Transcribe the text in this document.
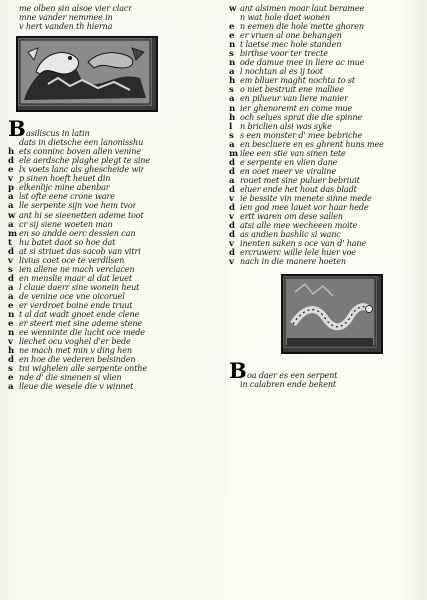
me olben sin alsoe vier clacr
mne vander nemmee in
v hert vanden th hierna
B asiliscus in latin
dats in dietsche een lanonisshu
h ets conninc boven allen venine
d ele aerdsche plaghe plegt te sine
e lx voets lanc als ghescheide wir
v p sinen hoeft heuet din
p elkenlijc mine abenbar
a lst ofte eene crone ware
a lle serpente sijn voe hem tvor
w ant hi se sieenetten ademe toot
a cr sij siene woeten man
m en so andde oerc dessien can
t hu batet daot so hoe dat
d at si striuet das sacob van vitri
v livius coet oce te verdilsen
s ien allene ne mach verclacen
d en menslie maar al dat leuet
a l claue daerr sine wonein heut
a de venine oce vne oicoruel
e er verdroet boine ende truut
n t al dat wadt gnoet ende clene
e er steert met sine ademe stene
n ee wenninte die lucht oce mede
v liechet ocu voghel d'er bede
h ne mach met min v ding hen
d en hoe die vederen belsinden
s tni wighelen alle serpente onthe
e nde d' die smenen si vlien
a lleue die wesele die v winnet
w ant alsimen moar laut beramee
n wat hole daet wonen
e n eemen die hole mette ghoren
e er vruen al one behangen
n t laetse mec hole standen
s birthse voor ter trecte
n ode damue mee in liere ac mue
a l nochtan al es ij toot
h em blluer maght nochta to st
s o niet bestruit ene malliee
a en pilueur van liere manier
n ier ghenoremt en come mue
h och selues sprat die die spinne
l n briclien alsi was syke
s s een monster d' mee bebriche
a en bescluere en es ghrent huns mee
m ilee een stie van sinen tete
d e serpente en vlien dane
d en ooet meer ve viraline
a rouet met sine puluer bebriuit
d eluer ende het hout das bladt
v ie bessite vin menete sinne mede
d ien god mee lauet vor haar hede
v ertt waren om dese sallen
d atsi alle mee wecheeen moite
d as andien bashlic si wanc
v inenten saken s oce van d' hane
d ercruwerc wille lele huer voe
v nach in die manere hoeten
B oa daer es een serpent
in calabren ende bekent
